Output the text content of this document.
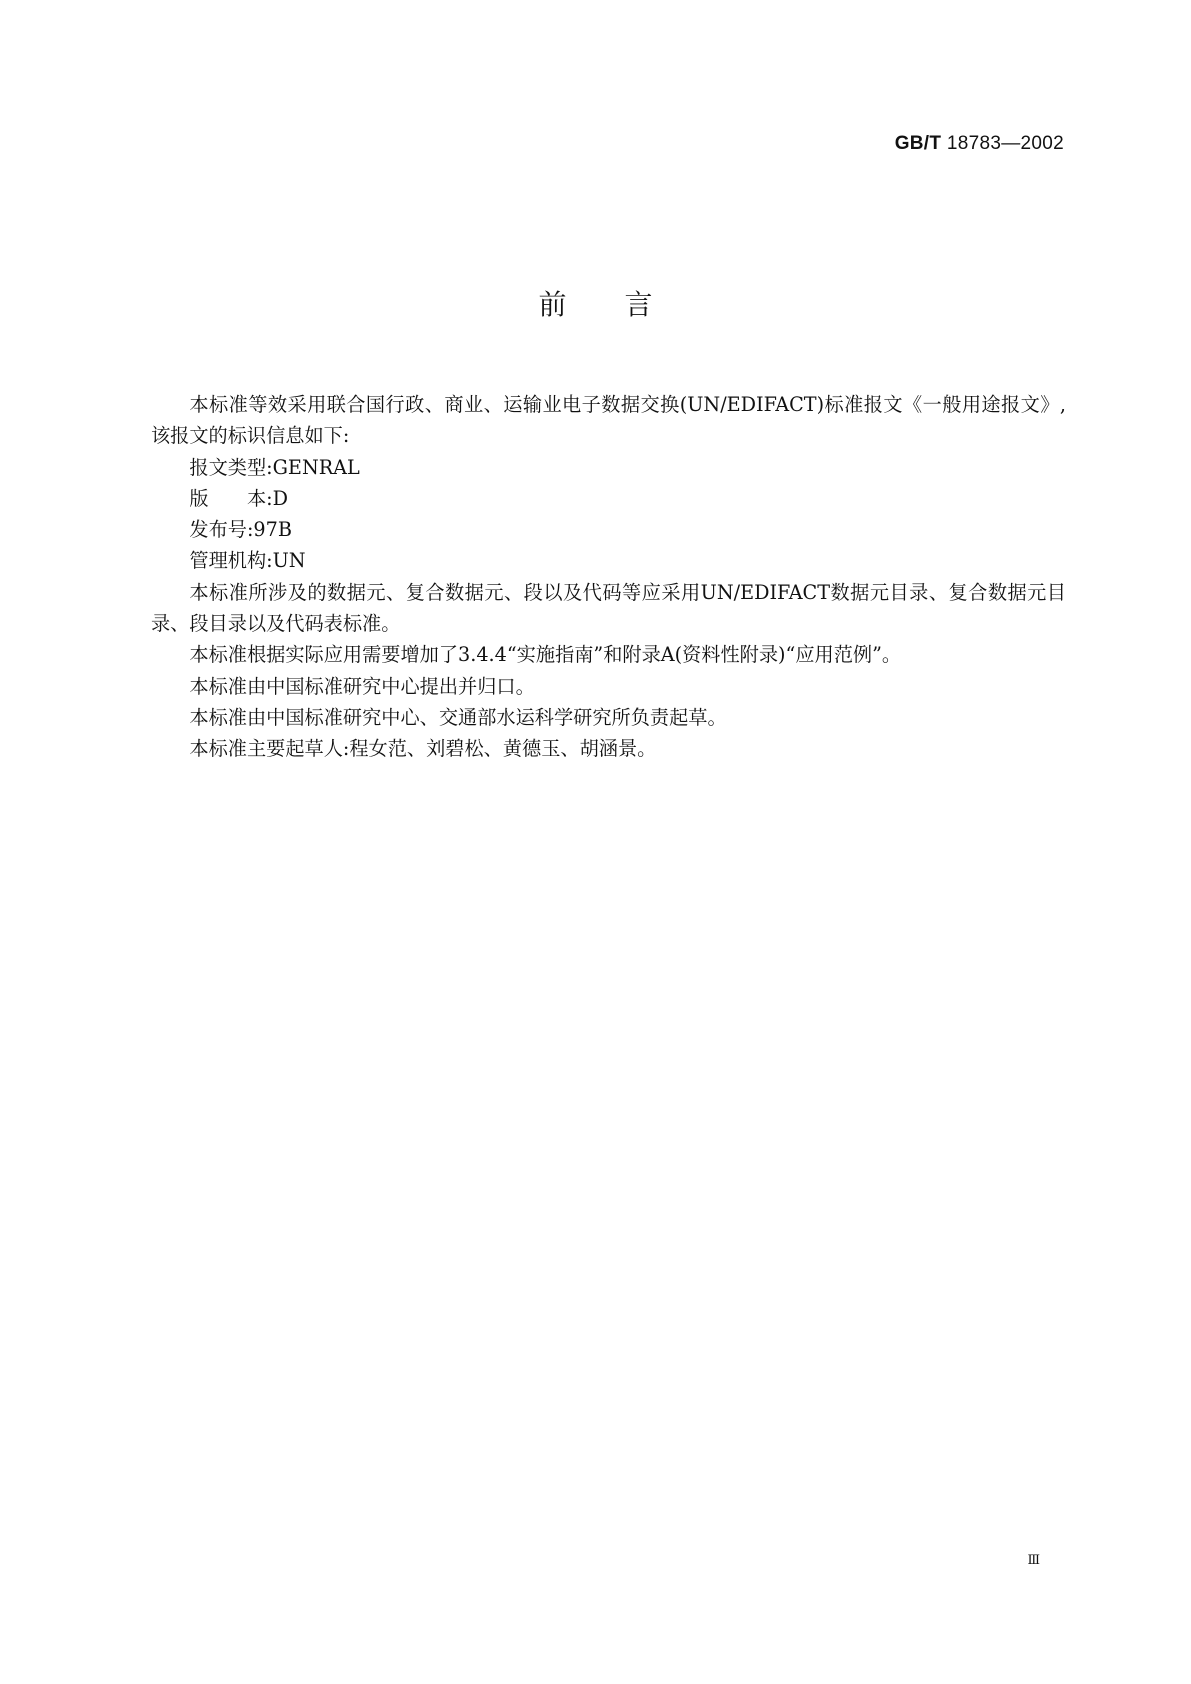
GB/T 18783—2002
前言

本标准等效采用联合国行政、商业、运输业电子数据交换(UN/EDIFACT)标准报文《一般用途报文》,该报文的标识信息如下:

报文类型:GENRAL

版 本:D

发布号:97B

管理机构:UN

本标准所涉及的数据元、复合数据元、段以及代码等应采用UN/EDIFACT数据元目录、复合数据元目录、段目录以及代码表标准。

本标准根据实际应用需要增加了3.4.4“实施指南”和附录A(资料性附录)“应用范例”。

本标准由中国标准研究中心提出并归口。

本标准由中国标准研究中心、交通部水运科学研究所负责起草。

本标准主要起草人:程女范、刘碧松、黄德玉、胡涵景。

Ⅲ
